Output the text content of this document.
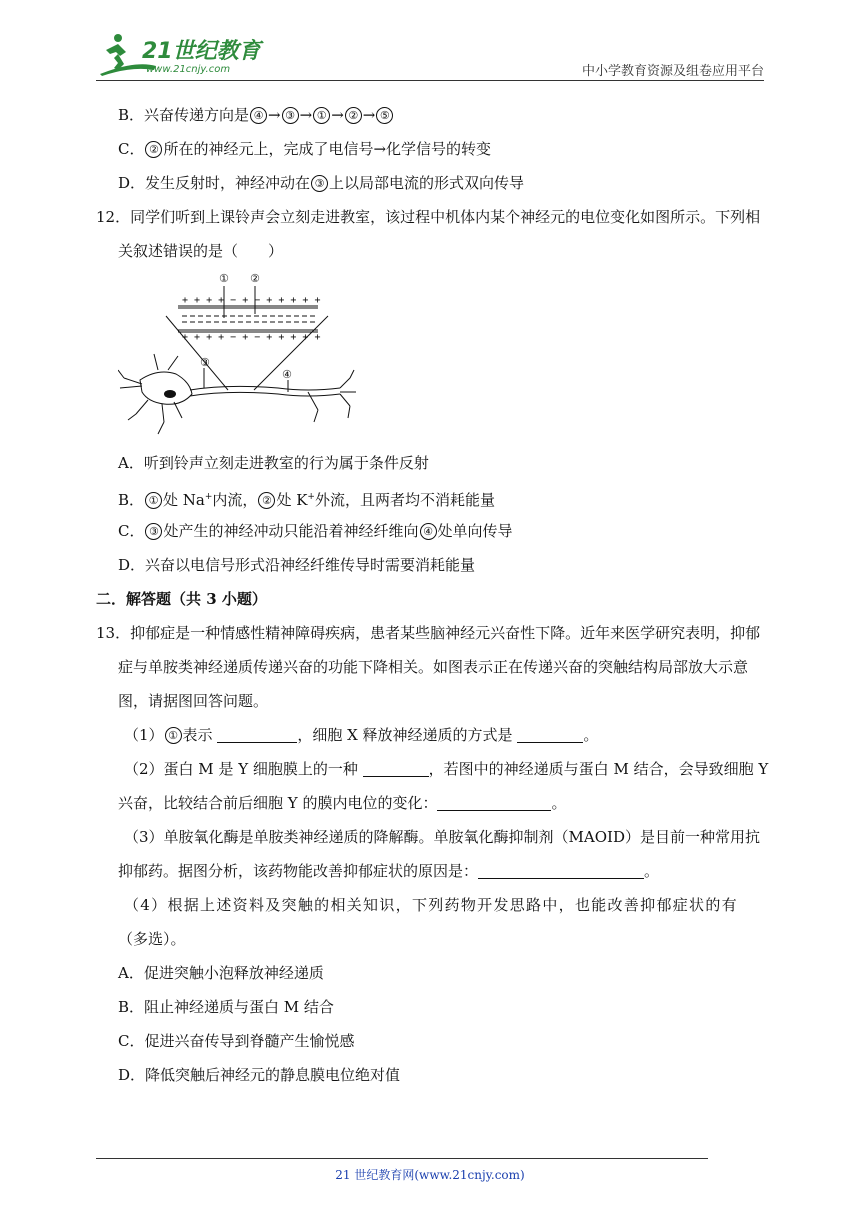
21世纪教育
www.21cnjy.com	中小学教育资源及组卷应用平台
B．兴奋传递方向是 ④ → ③ → ① → ② → ⑤
C． ② 所在的神经元上，完成了电信号→化学信号的转变
D．发生反射时，神经冲动在 ③ 上以局部电流的形式双向传导
12．同学们听到上课铃声会立刻走进教室，该过程中机体内某个神经元的电位变化如图所示。下列相
关叙述错误的是（　　）
① ②
③
④
+ + + + − + − + + + + +
+ + + + − + − + + + + +
A．听到铃声立刻走进教室的行为属于条件反射
B． ① 处 Na+内流， ② 处 K+外流，且两者均不消耗能量
C． ③ 处产生的神经冲动只能沿着神经纤维向 ④ 处单向传导
D．兴奋以电信号形式沿神经纤维传导时需要消耗能量
二．解答题（共 3 小题）
13．抑郁症是一种情感性精神障碍疾病，患者某些脑神经元兴奋性下降。近年来医学研究表明，抑郁
症与单胺类神经递质传递兴奋的功能下降相关。如图表示正在传递兴奋的突触结构局部放大示意
图，请据图回答问题。
（1） ① 表示	，细胞 X 释放神经递质的方式是	。
（2）蛋白 M 是 Y 细胞膜上的一种	，若图中的神经递质与蛋白 M 结合，会导致细胞 Y
兴奋，比较结合前后细胞 Y 的膜内电位的变化：	。
（3）单胺氧化酶是单胺类神经递质的降解酶。单胺氧化酶抑制剂（MAOID）是目前一种常用抗
抑郁药。据图分析，该药物能改善抑郁症状的原因是：	。
（4）根据上述资料及突触的相关知识，下列药物开发思路中，也能改善抑郁症状的有
（多选）。
A．促进突触小泡释放神经递质
B．阻止神经递质与蛋白 M 结合
C．促进兴奋传导到脊髓产生愉悦感
D．降低突触后神经元的静息膜电位绝对值
21 世纪教育网(www.21cnjy.com)
